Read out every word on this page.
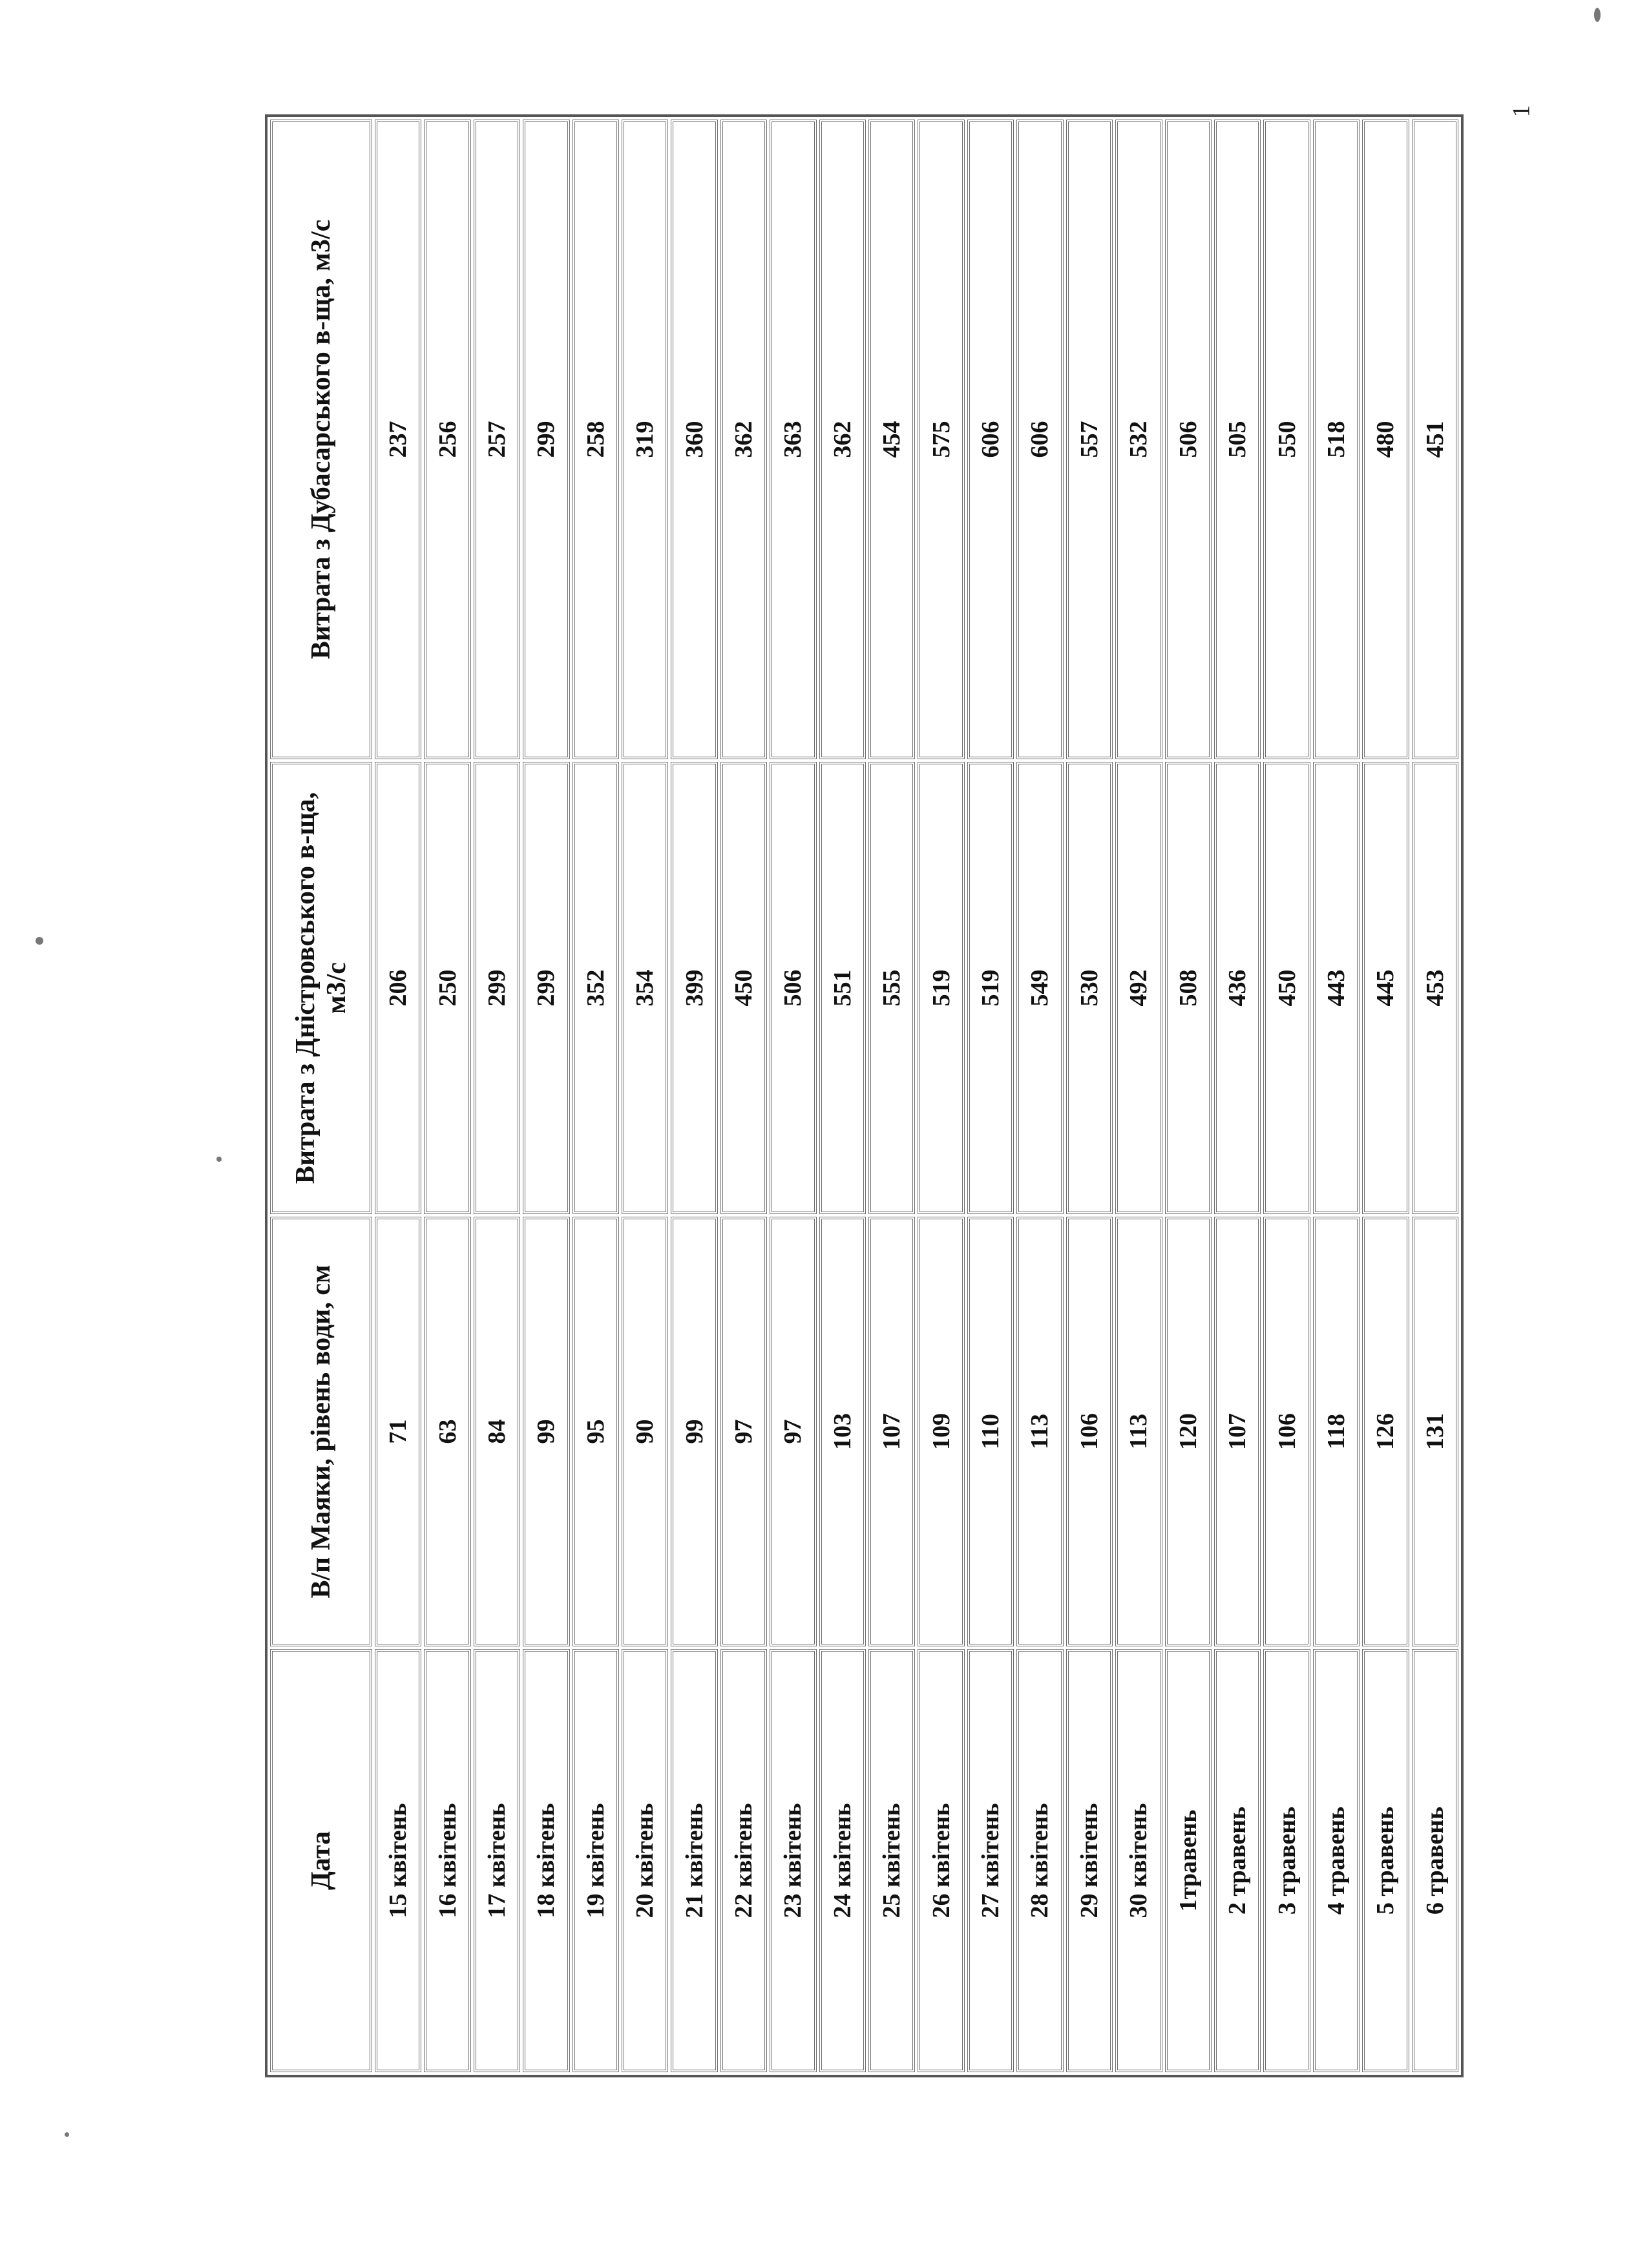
1
Дата	В/п Маяки, рівень води, см	Витрата з Дністровського в-ща, м3/с	Витрата з Дубасарського в-ща, м3/с
15 квітень	71	206	237
16 квітень	63	250	256
17 квітень	84	299	257
18 квітень	99	299	299
19 квітень	95	352	258
20 квітень	90	354	319
21 квітень	99	399	360
22 квітень	97	450	362
23 квітень	97	506	363
24 квітень	103	551	362
25 квітень	107	555	454
26 квітень	109	519	575
27 квітень	110	519	606
28 квітень	113	549	606
29 квітень	106	530	557
30 квітень	113	492	532
1травень	120	508	506
2 травень	107	436	505
3 травень	106	450	550
4 травень	118	443	518
5 травень	126	445	480
6 травень	131	453	451
